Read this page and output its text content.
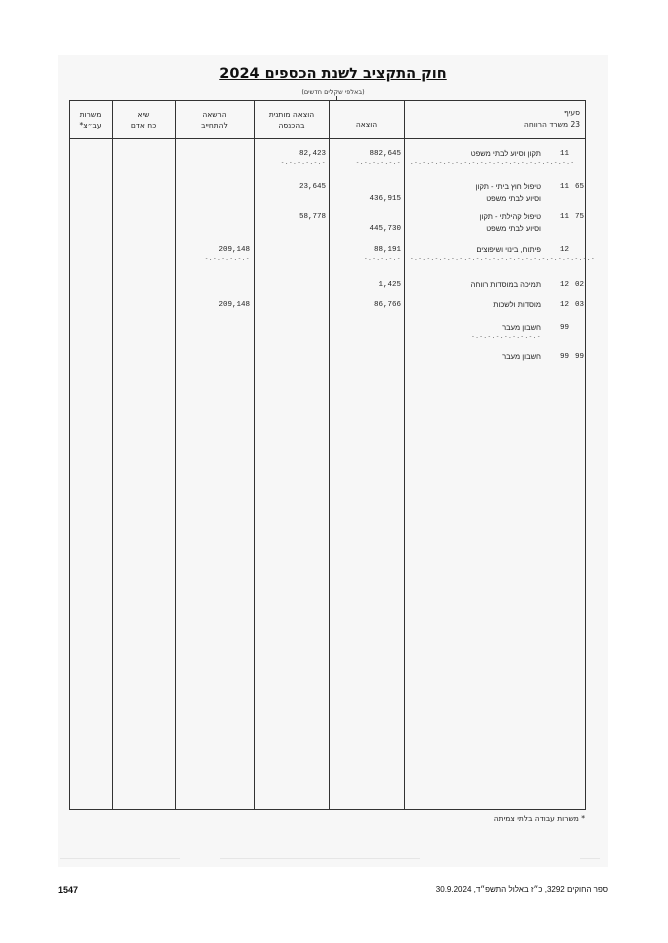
חוק התקציב לשנת הכספים 2024
(באלפי שקלים חדשים)
סעיף
23 משרד הרווחה
הוצאה
הוצאה מותנית
בהכנסה
הרשאה
להתחייב
שיא
כח אדם
משרות
עב״צ*
11
תקון וסיוע לבתי משפט
882,645
82,423
.-.-.-.-.-.-.-.-.-.-.-.-.-.-.-.-.-.-.-.-
-.-.-.-.-.-
-.-.-.-.-.-
11 65
טיפול חוץ ביתי - תקון
וסיוע לבתי משפט
436,915
23,645
11 75
טיפול קהילתי - תקון
וסיוע לבתי משפט
445,730
58,778
12
פיתוח, בינוי ושיפוצים
88,191
209,148
-.-.-.-.-.-.-.-.-.-.-.-.-.-.-.-.-.-.-.-.-.-.-
-.-.-.-.-
-.-.-.-.-.-
12 02
תמיכה במוסדות רווחה
1,425
12 03
מוסדות ולשכות
86,766
209,148
99
חשבון מעבר
-.-.-.-.-.-.-.-.-
99 99
חשבון מעבר
* משרות עבודה בלתי צמיתה
1547	ספר החוקים 3292, כ״ז באלול התשפ״ד, 30.9.2024
